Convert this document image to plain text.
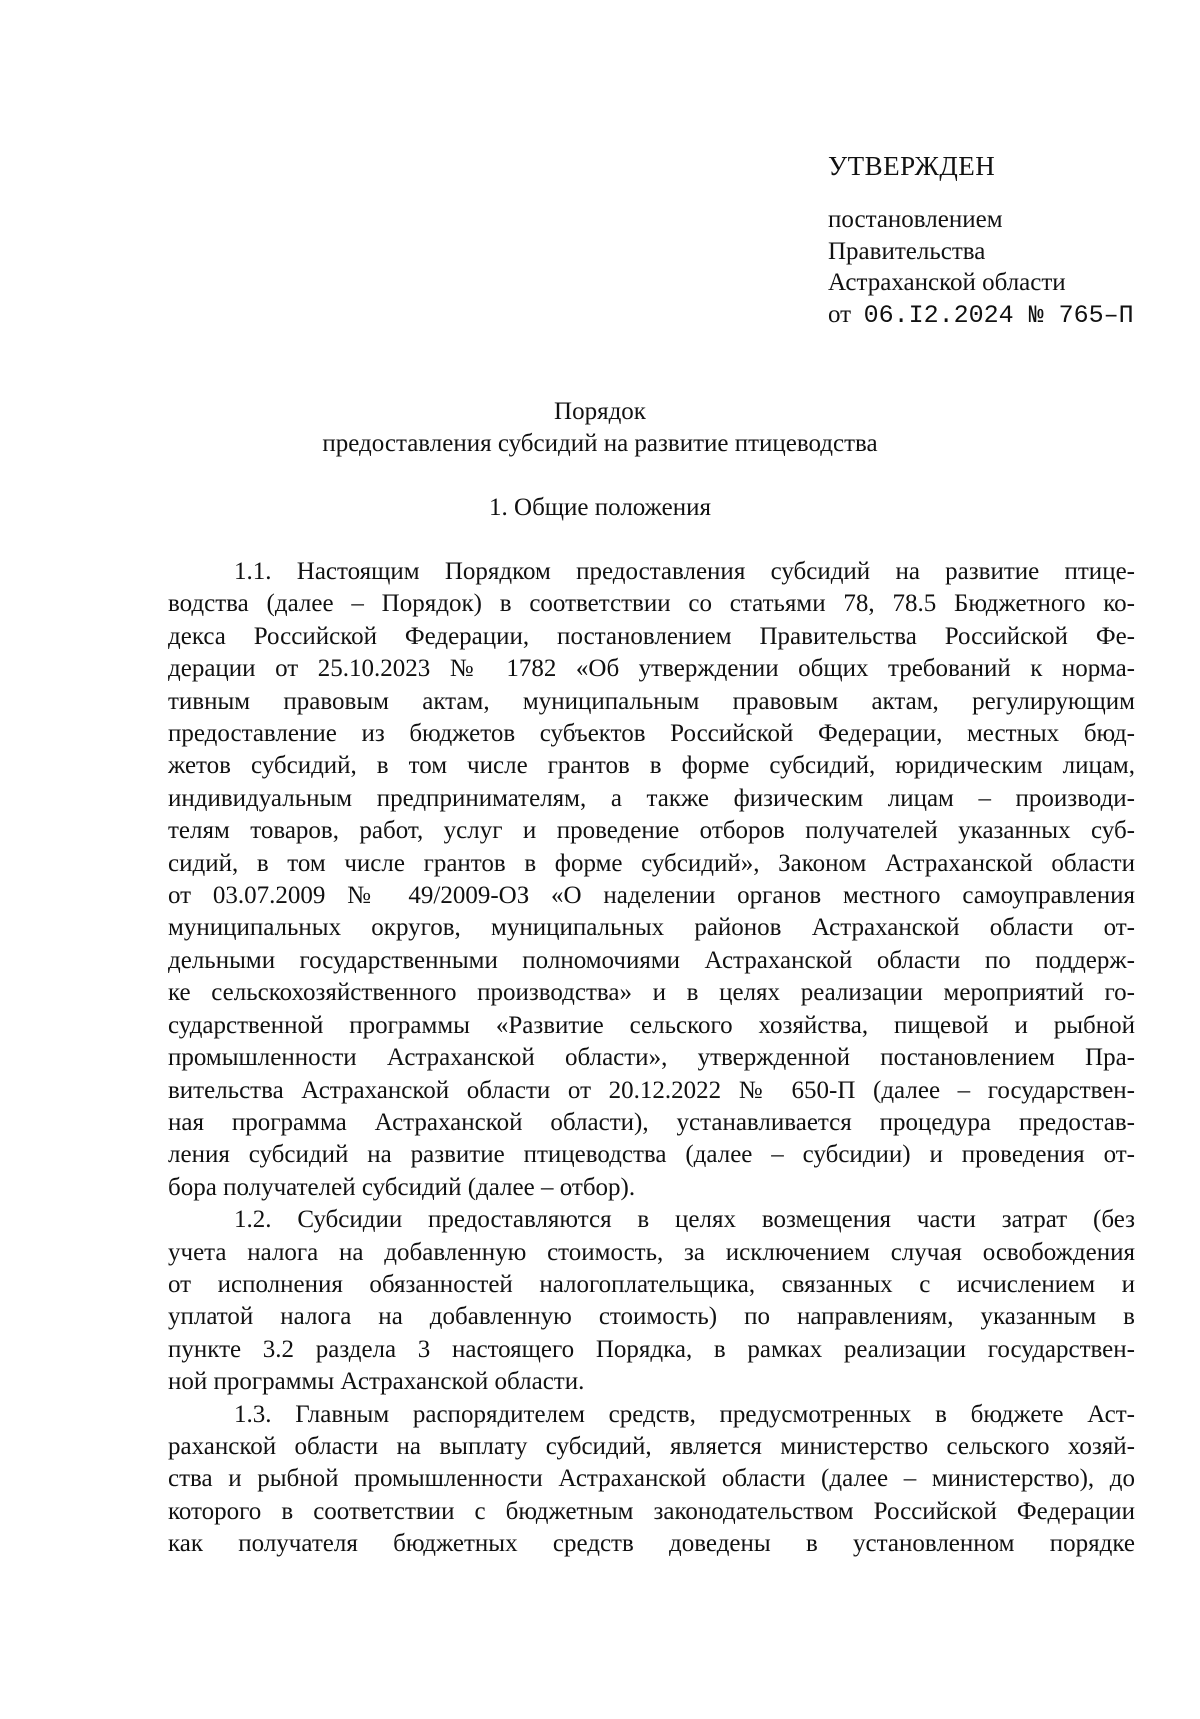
УТВЕРЖДЕН

постановлением

Правительства

Астраханской области

от 06.I2.2024 № 765–П

Порядок

предоставления субсидий на развитие птицеводства

1. Общие положения

1.1. Настоящим Порядком предоставления субсидий на развитие птице-
водства (далее – Порядок) в соответствии со статьями 78, 78.5 Бюджетного ко-
декса Российской Федерации, постановлением Правительства Российской Фе-
дерации от 25.10.2023 № 1782 «Об утверждении общих требований к норма-
тивным правовым актам, муниципальным правовым актам, регулирующим
предоставление из бюджетов субъектов Российской Федерации, местных бюд-
жетов субсидий, в том числе грантов в форме субсидий, юридическим лицам,
индивидуальным предпринимателям, а также физическим лицам – производи-
телям товаров, работ, услуг и проведение отборов получателей указанных суб-
сидий, в том числе грантов в форме субсидий», Законом Астраханской области
от 03.07.2009 № 49/2009-ОЗ «О наделении органов местного самоуправления
муниципальных округов, муниципальных районов Астраханской области от-
дельными государственными полномочиями Астраханской области по поддерж-
ке сельскохозяйственного производства» и в целях реализации мероприятий го-
сударственной программы «Развитие сельского хозяйства, пищевой и рыбной
промышленности Астраханской области», утвержденной постановлением Пра-
вительства Астраханской области от 20.12.2022 № 650-П (далее – государствен-
ная программа Астраханской области), устанавливается процедура предостав-
ления субсидий на развитие птицеводства (далее – субсидии) и проведения от-
бора получателей субсидий (далее – отбор).
1.2. Субсидии предоставляются в целях возмещения части затрат (без
учета налога на добавленную стоимость, за исключением случая освобождения
от исполнения обязанностей налогоплательщика, связанных с исчислением и
уплатой налога на добавленную стоимость) по направлениям, указанным в
пункте 3.2 раздела 3 настоящего Порядка, в рамках реализации государствен-
ной программы Астраханской области.
1.3. Главным распорядителем средств, предусмотренных в бюджете Аст-
раханской области на выплату субсидий, является министерство сельского хозяй-
ства и рыбной промышленности Астраханской области (далее – министерство), до
которого в соответствии с бюджетным законодательством Российской Федерации
как получателя бюджетных средств доведены в установленном порядке
